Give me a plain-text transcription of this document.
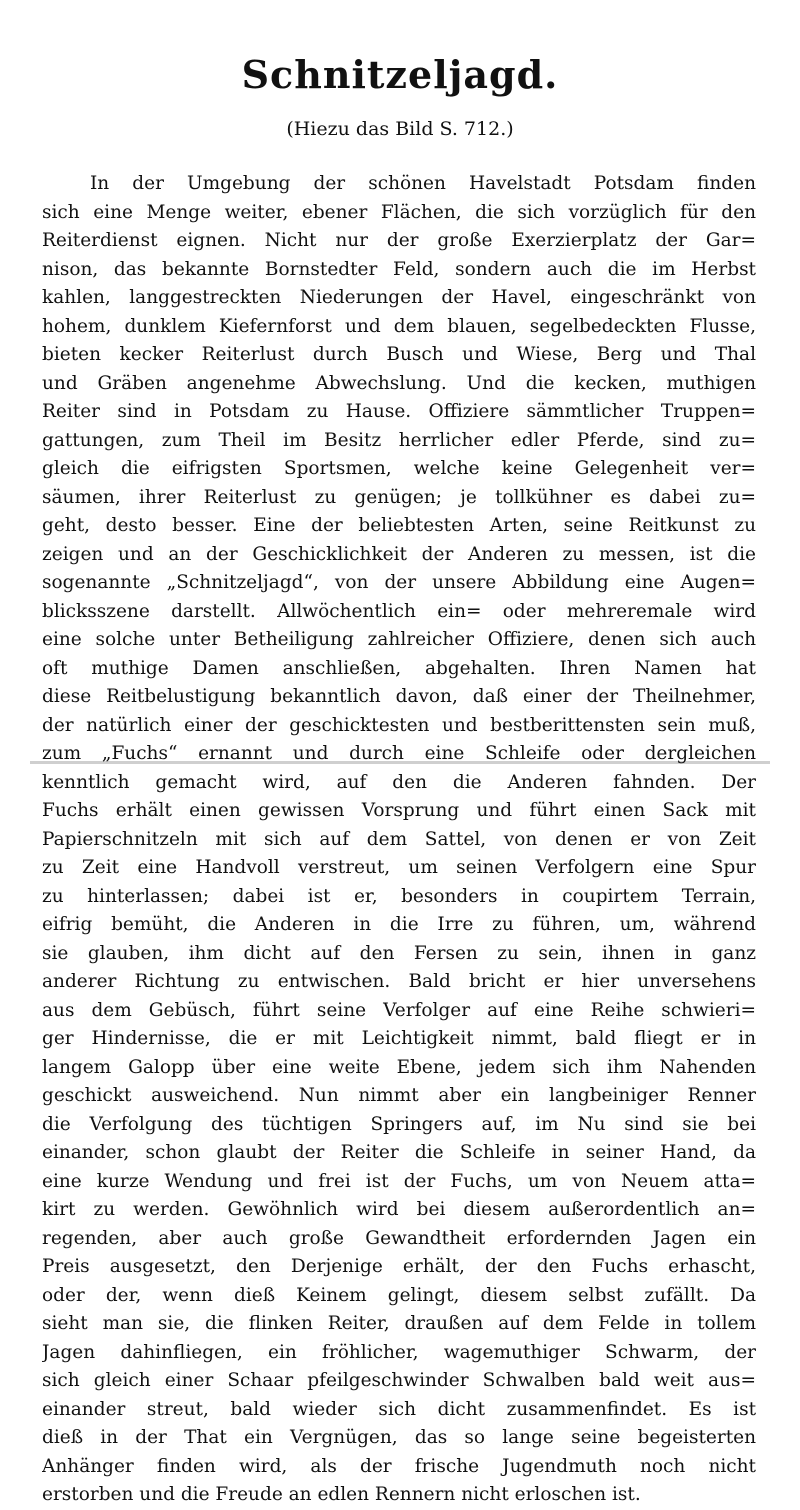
Schnitzeljagd.

(Hiezu das Bild S. 712.)

In der Umgebung der schönen Havelstadt Potsdam finden
sich eine Menge weiter, ebener Flächen, die sich vorzüglich für den
Reiterdienst eignen. Nicht nur der große Exerzierplatz der Gar=
nison, das bekannte Bornstedter Feld, sondern auch die im Herbst
kahlen, langgestreckten Niederungen der Havel, eingeschränkt von
hohem, dunklem Kiefernforst und dem blauen, segelbedeckten Flusse,
bieten kecker Reiterlust durch Busch und Wiese, Berg und Thal
und Gräben angenehme Abwechslung. Und die kecken, muthigen
Reiter sind in Potsdam zu Hause. Offiziere sämmtlicher Truppen=
gattungen, zum Theil im Besitz herrlicher edler Pferde, sind zu=
gleich die eifrigsten Sportsmen, welche keine Gelegenheit ver=
säumen, ihrer Reiterlust zu genügen; je tollkühner es dabei zu=
geht, desto besser. Eine der beliebtesten Arten, seine Reitkunst zu
zeigen und an der Geschicklichkeit der Anderen zu messen, ist die
sogenannte „Schnitzeljagd“, von der unsere Abbildung eine Augen=
blicksszene darstellt. Allwöchentlich ein= oder mehreremale wird
eine solche unter Betheiligung zahlreicher Offiziere, denen sich auch
oft muthige Damen anschließen, abgehalten. Ihren Namen hat
diese Reitbelustigung bekanntlich davon, daß einer der Theilnehmer,
der natürlich einer der geschicktesten und bestberittensten sein muß,
zum „Fuchs“ ernannt und durch eine Schleife oder dergleichen
kenntlich gemacht wird, auf den die Anderen fahnden. Der
Fuchs erhält einen gewissen Vorsprung und führt einen Sack mit
Papierschnitzeln mit sich auf dem Sattel, von denen er von Zeit
zu Zeit eine Handvoll verstreut, um seinen Verfolgern eine Spur
zu hinterlassen; dabei ist er, besonders in coupirtem Terrain,
eifrig bemüht, die Anderen in die Irre zu führen, um, während
sie glauben, ihm dicht auf den Fersen zu sein, ihnen in ganz
anderer Richtung zu entwischen. Bald bricht er hier unversehens
aus dem Gebüsch, führt seine Verfolger auf eine Reihe schwieri=
ger Hindernisse, die er mit Leichtigkeit nimmt, bald fliegt er in
langem Galopp über eine weite Ebene, jedem sich ihm Nahenden
geschickt ausweichend. Nun nimmt aber ein langbeiniger Renner
die Verfolgung des tüchtigen Springers auf, im Nu sind sie bei
einander, schon glaubt der Reiter die Schleife in seiner Hand, da
eine kurze Wendung und frei ist der Fuchs, um von Neuem atta=
kirt zu werden. Gewöhnlich wird bei diesem außerordentlich an=
regenden, aber auch große Gewandtheit erfordernden Jagen ein
Preis ausgesetzt, den Derjenige erhält, der den Fuchs erhascht,
oder der, wenn dieß Keinem gelingt, diesem selbst zufällt. Da
sieht man sie, die flinken Reiter, draußen auf dem Felde in tollem
Jagen dahinfliegen, ein fröhlicher, wagemuthiger Schwarm, der
sich gleich einer Schaar pfeilgeschwinder Schwalben bald weit aus=
einander streut, bald wieder sich dicht zusammenfindet. Es ist
dieß in der That ein Vergnügen, das so lange seine begeisterten
Anhänger finden wird, als der frische Jugendmuth noch nicht
erstorben und die Freude an edlen Rennern nicht erloschen ist.
